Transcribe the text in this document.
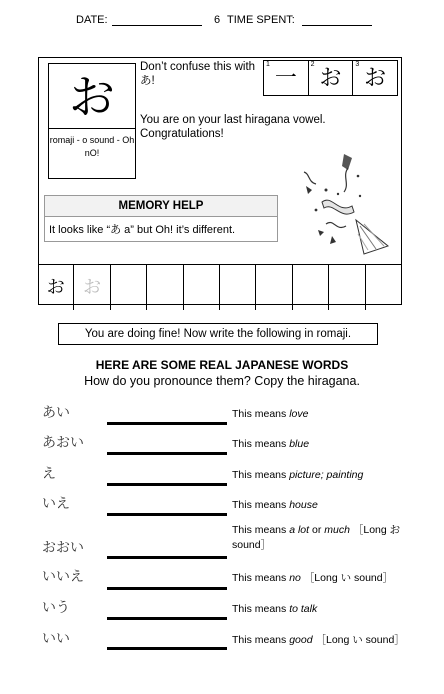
DATE:	6 TIME SPENT:
お
romaji - o sound - Oh nO!
Don’t confuse this with あ!
You are on your last hiragana vowel. Congratulations!
1
一
2
お
3
お
MEMORY HELP
It looks like “あ a” but Oh! it’s different.
お	お
You are doing fine! Now write the following in romaji.
HERE ARE SOME REAL JAPANESE WORDS
How do you pronounce them? Copy the hiragana.
あい	This means love
あおい	This means blue
え	This means picture; painting
いえ	This means house
おおい
This means a lot or much ［Long お sound］
いいえ	This means no ［Long い sound］
いう	This means to talk
いい	This means good ［Long い sound］
